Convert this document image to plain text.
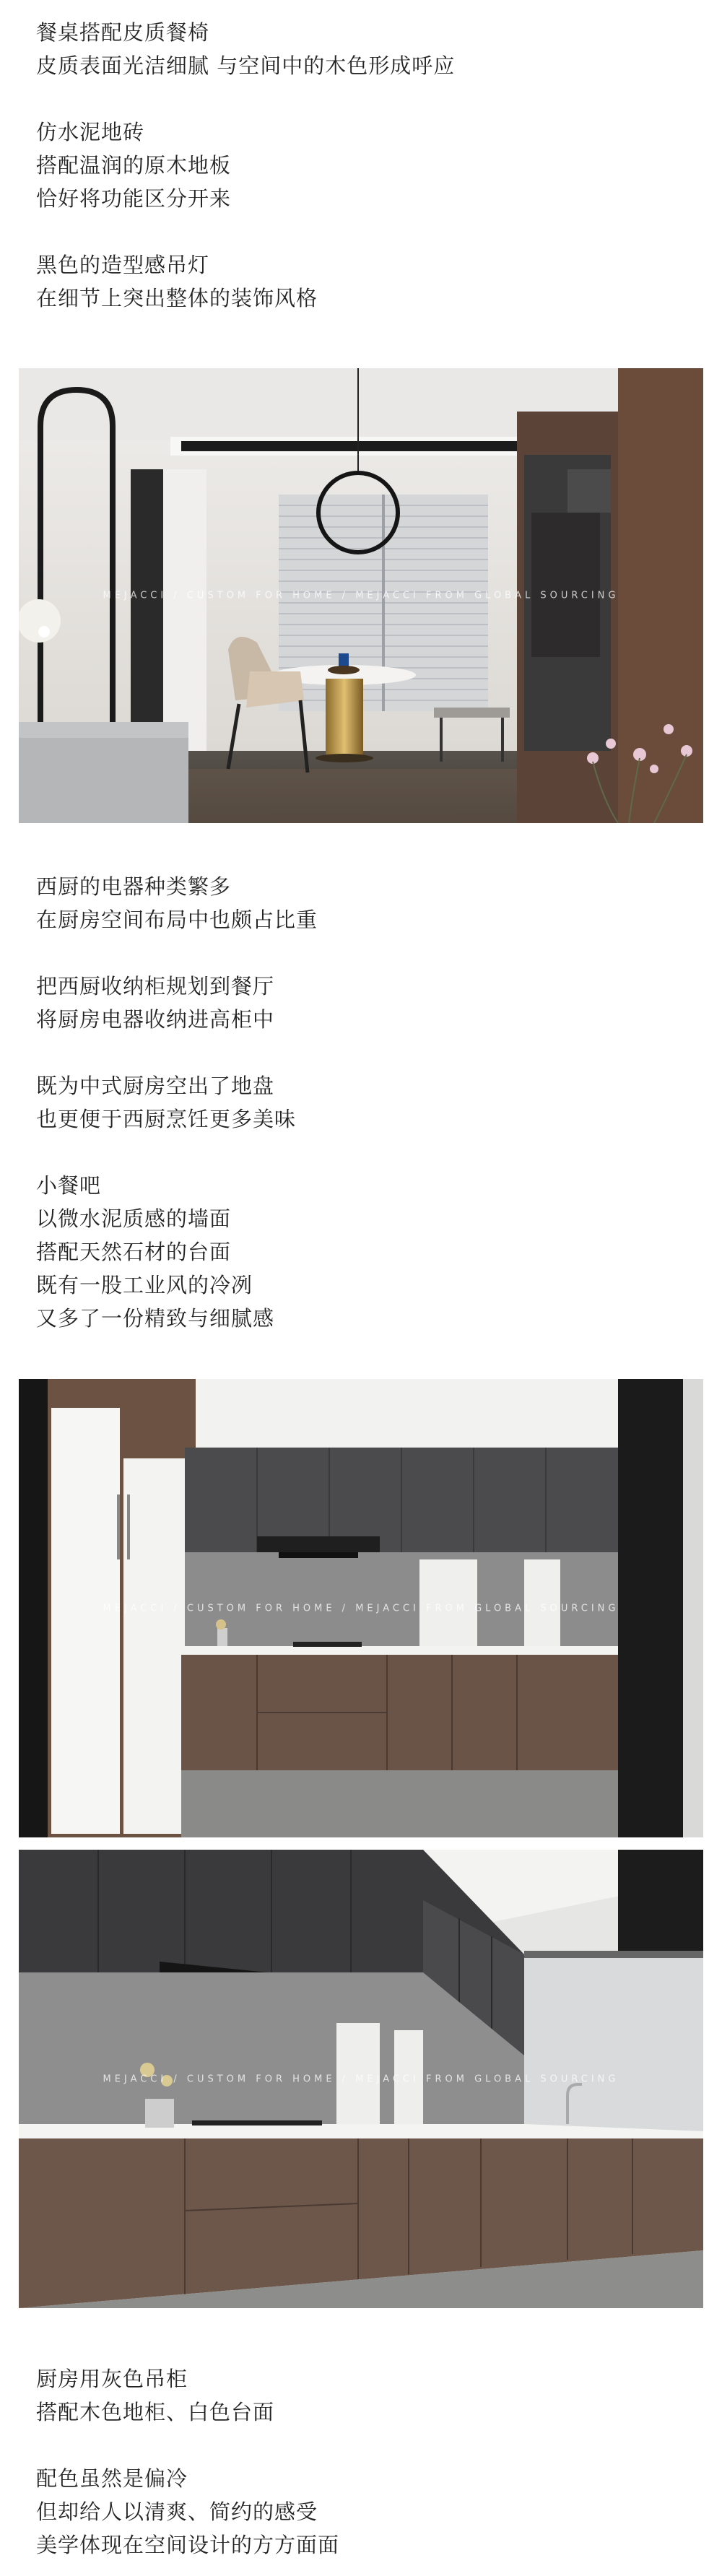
餐桌搭配皮质餐椅

皮质表面光洁细腻 与空间中的木色形成呼应

仿水泥地砖

搭配温润的原木地板

恰好将功能区分开来

黑色的造型感吊灯

在细节上突出整体的装饰风格

MEJACCI / CUSTOM FOR HOME / MEJACCI FROM GLOBAL SOURCING

西厨的电器种类繁多

在厨房空间布局中也颇占比重

把西厨收纳柜规划到餐厅

将厨房电器收纳进高柜中

既为中式厨房空出了地盘

也更便于西厨烹饪更多美味

小餐吧

以微水泥质感的墙面

搭配天然石材的台面

既有一股工业风的冷冽

又多了一份精致与细腻感

MEJACCI / CUSTOM FOR HOME / MEJACCI FROM GLOBAL SOURCING
MEJACCI / CUSTOM FOR HOME / MEJACCI FROM GLOBAL SOURCING

厨房用灰色吊柜

搭配木色地柜、白色台面

配色虽然是偏冷

但却给人以清爽、简约的感受

美学体现在空间设计的方方面面
